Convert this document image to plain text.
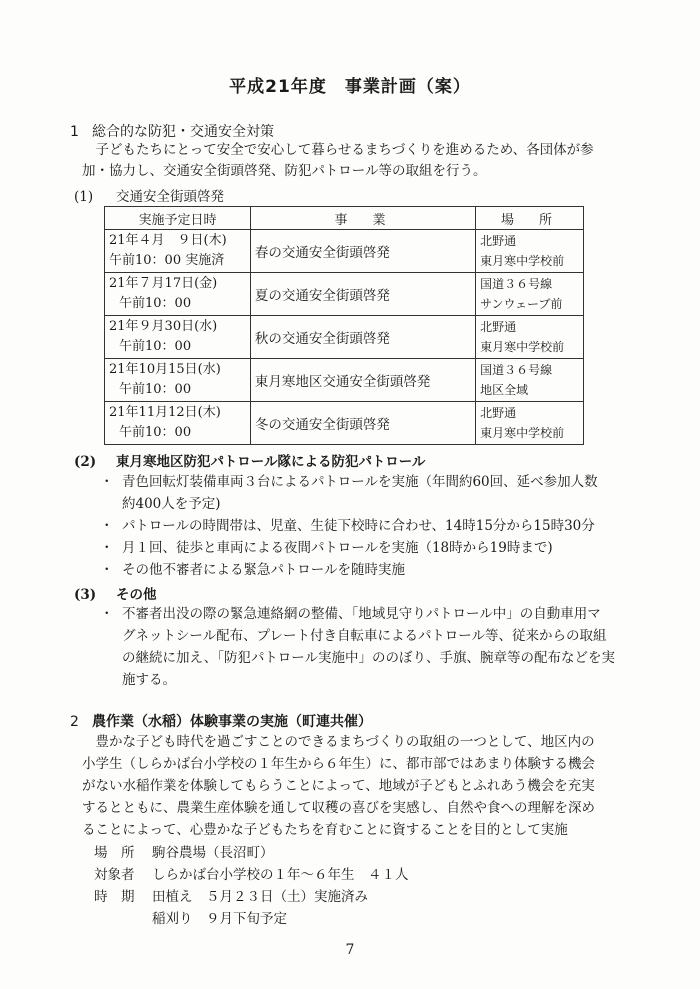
平成21年度　事業計画（案）
1 総合的な防犯・交通安全対策
　子どもたちにとって安全で安心して暮らせるまちづくりを進めるため、各団体が参
加・協力し、交通安全街頭啓発、防犯パトロール等の取組を行う。
(1) 交通安全街頭啓発
実施予定日時	事　業	場　所

21年４月　９日(木)
午前10：00 実施済	春の交通安全街頭啓発	北野通
東月寒中学校前

21年７月17日(金)
午前10：00	夏の交通安全街頭啓発	国道３６号線
サンウェーブ前

21年９月30日(水)
午前10：00	秋の交通安全街頭啓発	北野通
東月寒中学校前

21年10月15日(水)
午前10：00	東月寒地区交通安全街頭啓発	国道３６号線
地区全域

21年11月12日(木)
午前10：00	冬の交通安全街頭啓発	北野通
東月寒中学校前
(2) 東月寒地区防犯パトロール隊による防犯パトロール
・ 青色回転灯装備車両３台によるパトロールを実施（年間約60回、延べ参加人数
約400人を予定)
・ パトロールの時間帯は、児童、生徒下校時に合わせ、14時15分から15時30分
・ 月１回、徒歩と車両による夜間パトロールを実施（18時から19時まで)
・ その他不審者による緊急パトロールを随時実施
(3) その他
・ 不審者出没の際の緊急連絡網の整備、「地域見守りパトロール中」の自動車用マ
グネットシール配布、プレート付き自転車によるパトロール等、従来からの取組
の継続に加え、「防犯パトロール実施中」ののぼり、手旗、腕章等の配布などを実
施する。
2 農作業（水稲）体験事業の実施（町連共催）
　豊かな子ども時代を過ごすことのできるまちづくりの取組の一つとして、地区内の
小学生（しらかば台小学校の１年生から６年生）に、都市部ではあまり体験する機会
がない水稲作業を体験してもらうことによって、地域が子どもとふれあう機会を充実
するとともに、農業生産体験を通して収穫の喜びを実感し、自然や食への理解を深め
ることによって、心豊かな子どもたちを育むことに資することを目的として実施
場　所 駒谷農場（長沼町）
対象者 しらかば台小学校の１年～６年生　４１人
時　期 田植え　５月２３日（土）実施済み
稲刈り　９月下旬予定
7
